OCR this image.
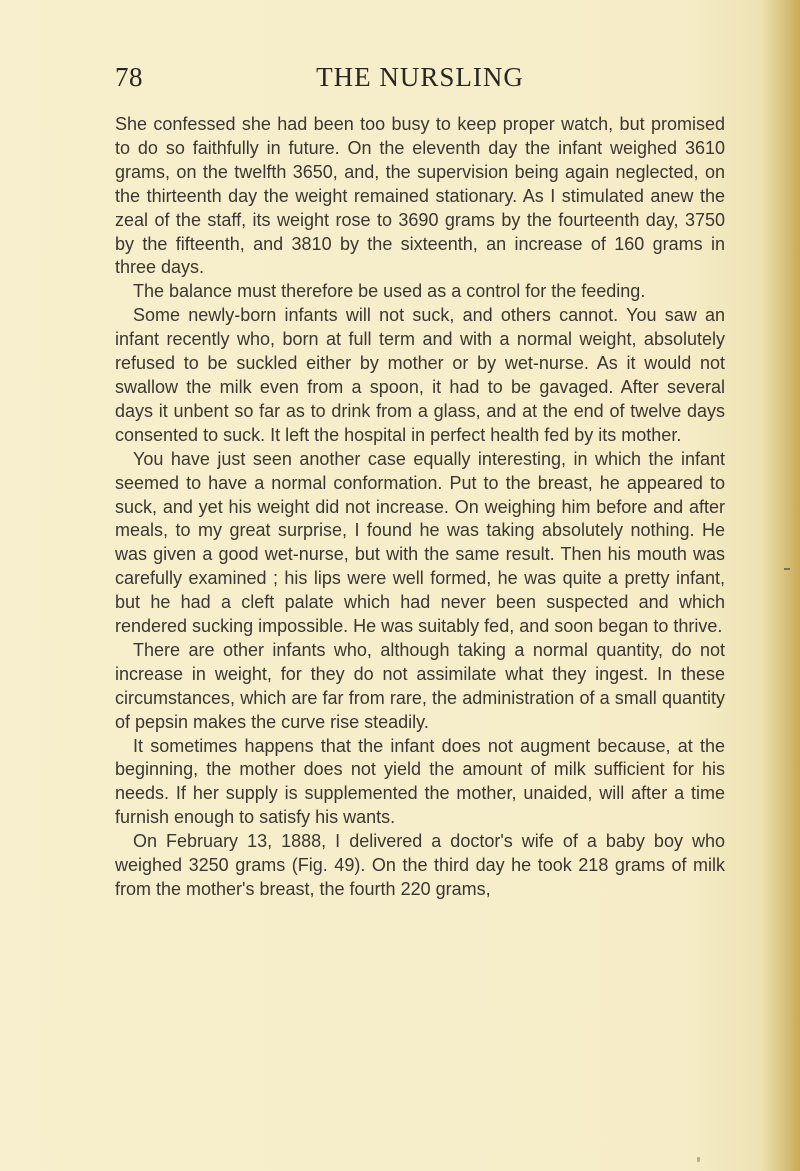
78	THE NURSLING

She confessed she had been too busy to keep proper watch, but promised to do so faithfully in future. On the eleventh day the infant weighed 3610 grams, on the twelfth 3650, and, the supervision being again neglected, on the thirteenth day the weight remained stationary. As I stimulated anew the zeal of the staff, its weight rose to 3690 grams by the fourteenth day, 3750 by the fifteenth, and 3810 by the sixteenth, an increase of 160 grams in three days.

The balance must therefore be used as a control for the feeding.

Some newly-born infants will not suck, and others cannot. You saw an infant recently who, born at full term and with a normal weight, absolutely refused to be suckled either by mother or by wet-nurse. As it would not swallow the milk even from a spoon, it had to be gavaged. After several days it unbent so far as to drink from a glass, and at the end of twelve days consented to suck. It left the hospital in perfect health fed by its mother.

You have just seen another case equally interesting, in which the infant seemed to have a normal conformation. Put to the breast, he appeared to suck, and yet his weight did not increase. On weighing him before and after meals, to my great surprise, I found he was taking absolutely nothing. He was given a good wet-nurse, but with the same result. Then his mouth was carefully examined ; his lips were well formed, he was quite a pretty infant, but he had a cleft palate which had never been suspected and which rendered sucking impossible. He was suitably fed, and soon began to thrive.

There are other infants who, although taking a normal quantity, do not increase in weight, for they do not assimilate what they ingest. In these circumstances, which are far from rare, the administration of a small quantity of pepsin makes the curve rise steadily.

It sometimes happens that the infant does not augment because, at the beginning, the mother does not yield the amount of milk sufficient for his needs. If her supply is supplemented the mother, unaided, will after a time furnish enough to satisfy his wants.

On February 13, 1888, I delivered a doctor's wife of a baby boy who weighed 3250 grams (Fig. 49). On the third day he took 218 grams of milk from the mother's breast, the fourth 220 grams,
